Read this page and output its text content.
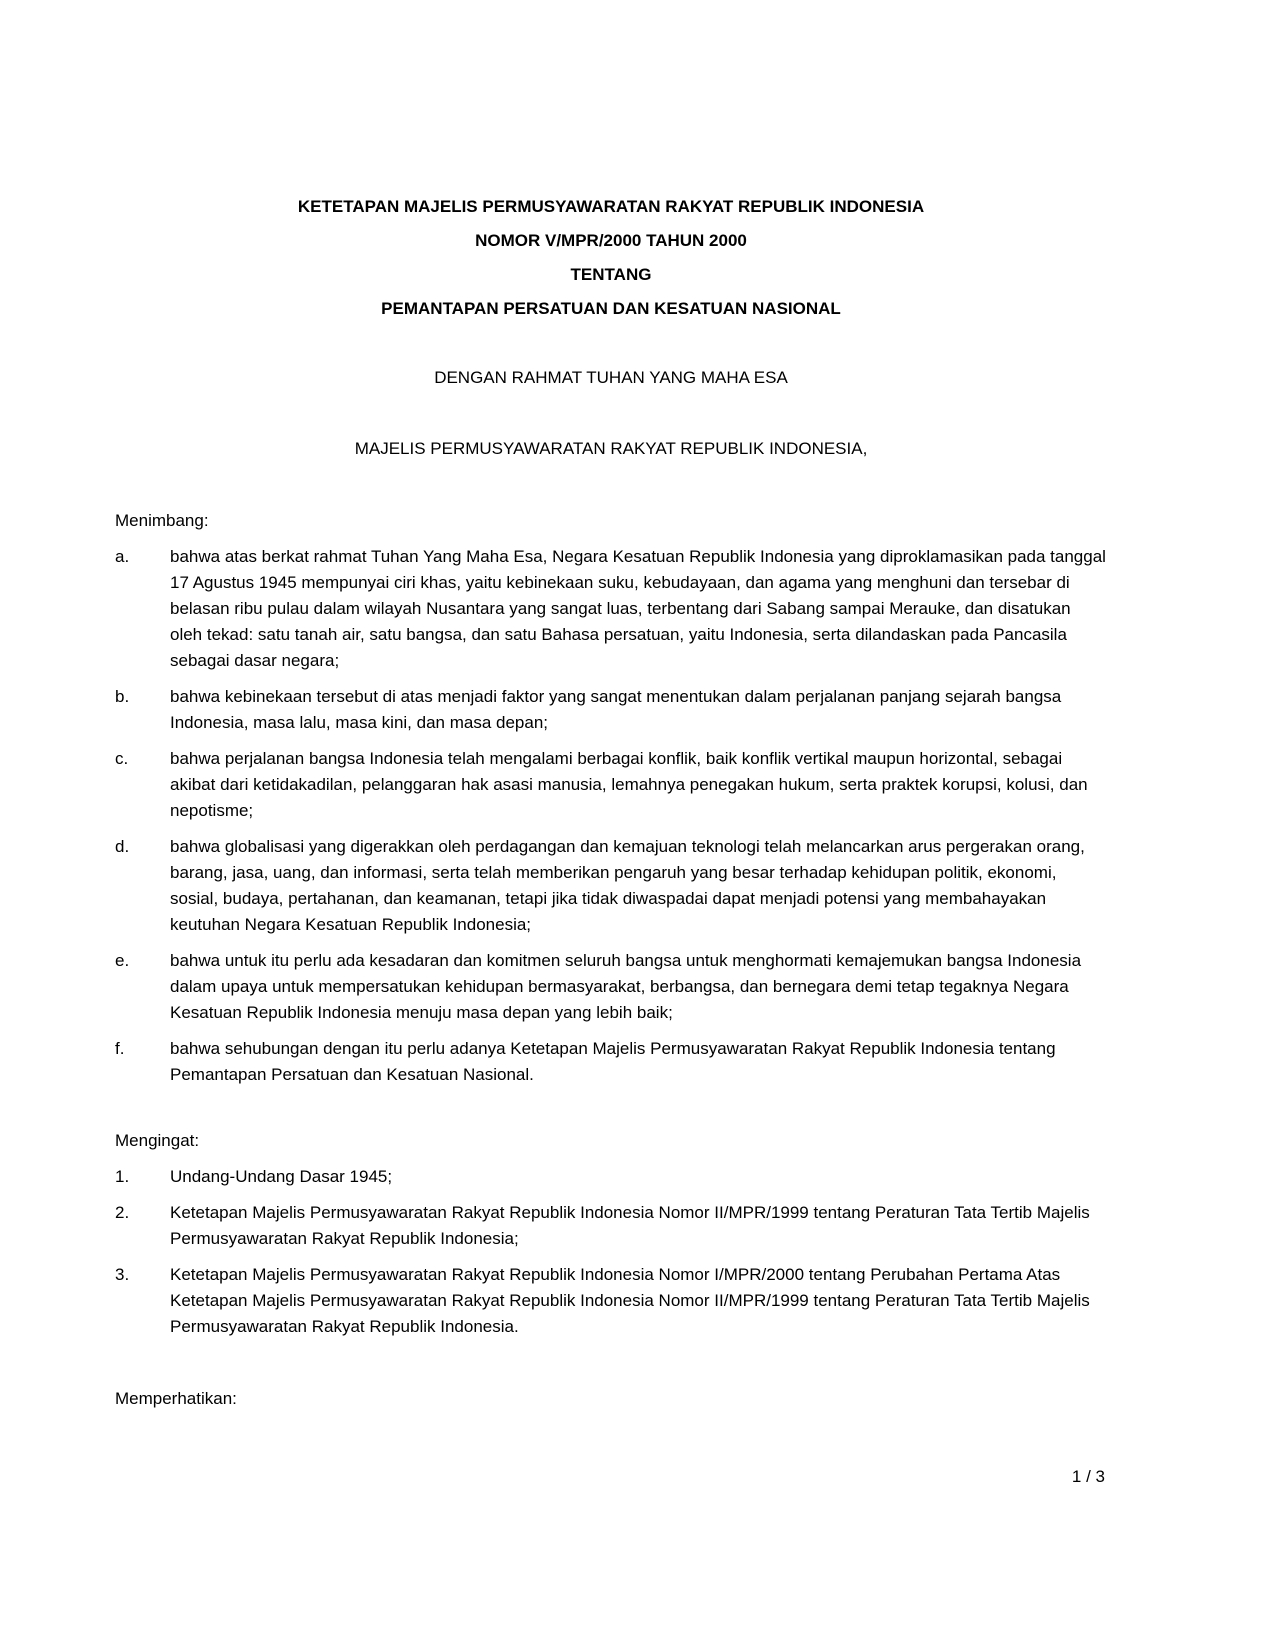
KETETAPAN MAJELIS PERMUSYAWARATAN RAKYAT REPUBLIK INDONESIA
NOMOR V/MPR/2000 TAHUN 2000
TENTANG
PEMANTAPAN PERSATUAN DAN KESATUAN NASIONAL
DENGAN RAHMAT TUHAN YANG MAHA ESA
MAJELIS PERMUSYAWARATAN RAKYAT REPUBLIK INDONESIA,
Menimbang:
a.	bahwa atas berkat rahmat Tuhan Yang Maha Esa, Negara Kesatuan Republik Indonesia yang diproklamasikan pada tanggal 17 Agustus 1945 mempunyai ciri khas, yaitu kebinekaan suku, kebudayaan, dan agama yang menghuni dan tersebar di belasan ribu pulau dalam wilayah Nusantara yang sangat luas, terbentang dari Sabang sampai Merauke, dan disatukan oleh tekad: satu tanah air, satu bangsa, dan satu Bahasa persatuan, yaitu Indonesia, serta dilandaskan pada Pancasila sebagai dasar negara;
b.	bahwa kebinekaan tersebut di atas menjadi faktor yang sangat menentukan dalam perjalanan panjang sejarah bangsa Indonesia, masa lalu, masa kini, dan masa depan;
c.	bahwa perjalanan bangsa Indonesia telah mengalami berbagai konflik, baik konflik vertikal maupun horizontal, sebagai akibat dari ketidakadilan, pelanggaran hak asasi manusia, lemahnya penegakan hukum, serta praktek korupsi, kolusi, dan nepotisme;
d.	bahwa globalisasi yang digerakkan oleh perdagangan dan kemajuan teknologi telah melancarkan arus pergerakan orang, barang, jasa, uang, dan informasi, serta telah memberikan pengaruh yang besar terhadap kehidupan politik, ekonomi, sosial, budaya, pertahanan, dan keamanan, tetapi jika tidak diwaspadai dapat menjadi potensi yang membahayakan keutuhan Negara Kesatuan Republik Indonesia;
e.	bahwa untuk itu perlu ada kesadaran dan komitmen seluruh bangsa untuk menghormati kemajemukan bangsa Indonesia dalam upaya untuk mempersatukan kehidupan bermasyarakat, berbangsa, dan bernegara demi tetap tegaknya Negara Kesatuan Republik Indonesia menuju masa depan yang lebih baik;
f.	bahwa sehubungan dengan itu perlu adanya Ketetapan Majelis Permusyawaratan Rakyat Republik Indonesia tentang Pemantapan Persatuan dan Kesatuan Nasional.
Mengingat:
1.	Undang-Undang Dasar 1945;
2.	Ketetapan Majelis Permusyawaratan Rakyat Republik Indonesia Nomor II/MPR/1999 tentang Peraturan Tata Tertib Majelis Permusyawaratan Rakyat Republik Indonesia;
3.	Ketetapan Majelis Permusyawaratan Rakyat Republik Indonesia Nomor I/MPR/2000 tentang Perubahan Pertama Atas Ketetapan Majelis Permusyawaratan Rakyat Republik Indonesia Nomor II/MPR/1999 tentang Peraturan Tata Tertib Majelis Permusyawaratan Rakyat Republik Indonesia.
Memperhatikan:
1 / 3
